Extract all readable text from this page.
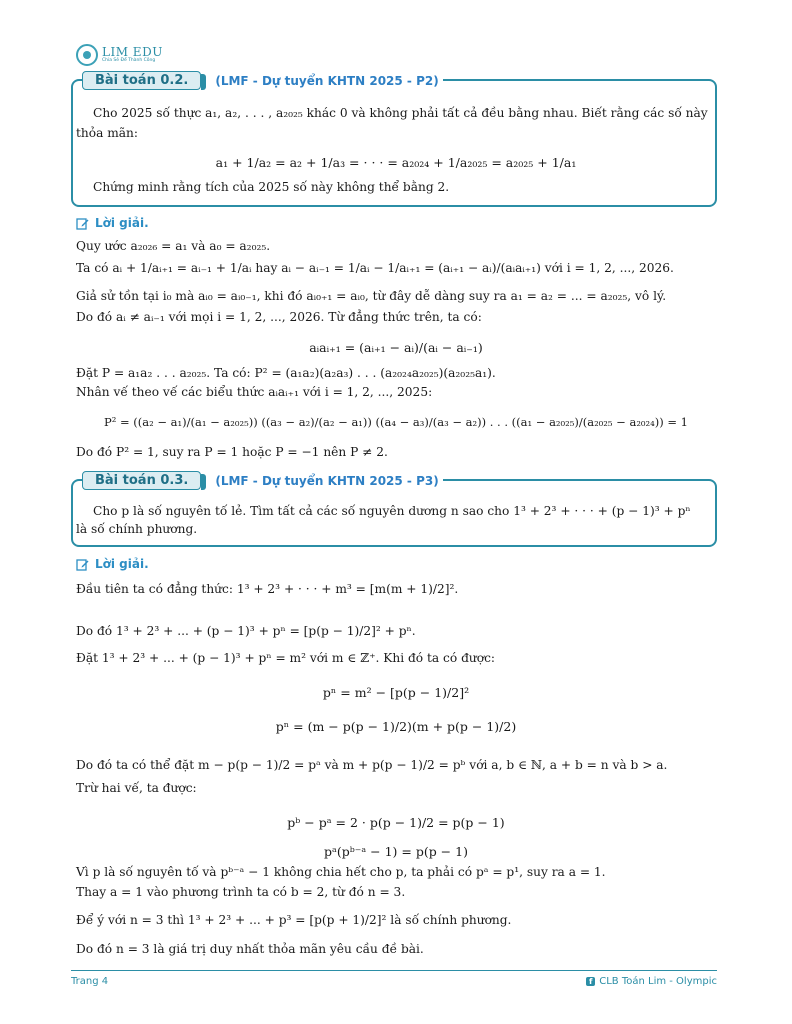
LIM EDU
Chia Sẻ Để Thành Công
Bài toán 0.2.	(LMF - Dự tuyển KHTN 2025 - P2)
Cho 2025 số thực a₁, a₂, . . . , a₂₀₂₅ khác 0 và không phải tất cả đều bằng nhau. Biết rằng các số này
thỏa mãn:
a₁ + 1/a₂ = a₂ + 1/a₃ = · · · = a₂₀₂₄ + 1/a₂₀₂₅ = a₂₀₂₅ + 1/a₁
Chứng minh rằng tích của 2025 số này không thể bằng 2.
Lời giải.
Quy ước a₂₀₂₆ = a₁ và a₀ = a₂₀₂₅.
Ta có aᵢ + 1/aᵢ₊₁ = aᵢ₋₁ + 1/aᵢ hay aᵢ − aᵢ₋₁ = 1/aᵢ − 1/aᵢ₊₁ = (aᵢ₊₁ − aᵢ)/(aᵢaᵢ₊₁) với i = 1, 2, ..., 2026.
Giả sử tồn tại i₀ mà aᵢ₀ = aᵢ₀₋₁, khi đó aᵢ₀₊₁ = aᵢ₀, từ đây dễ dàng suy ra a₁ = a₂ = ... = a₂₀₂₅, vô lý.
Do đó aᵢ ≠ aᵢ₋₁ với mọi i = 1, 2, ..., 2026. Từ đẳng thức trên, ta có:
aᵢaᵢ₊₁ = (aᵢ₊₁ − aᵢ)/(aᵢ − aᵢ₋₁)
Đặt P = a₁a₂ . . . a₂₀₂₅. Ta có: P² = (a₁a₂)(a₂a₃) . . . (a₂₀₂₄a₂₀₂₅)(a₂₀₂₅a₁).
Nhân vế theo vế các biểu thức aᵢaᵢ₊₁ với i = 1, 2, ..., 2025:
P² = ((a₂ − a₁)/(a₁ − a₂₀₂₅)) ((a₃ − a₂)/(a₂ − a₁)) ((a₄ − a₃)/(a₃ − a₂)) . . . ((a₁ − a₂₀₂₅)/(a₂₀₂₅ − a₂₀₂₄)) = 1
Do đó P² = 1, suy ra P = 1 hoặc P = −1 nên P ≠ 2.
Bài toán 0.3.	(LMF - Dự tuyển KHTN 2025 - P3)
Cho p là số nguyên tố lẻ. Tìm tất cả các số nguyên dương n sao cho 1³ + 2³ + · · · + (p − 1)³ + pⁿ
là số chính phương.
Lời giải.
Đầu tiên ta có đẳng thức: 1³ + 2³ + · · · + m³ = [m(m + 1)/2]².
Do đó 1³ + 2³ + ... + (p − 1)³ + pⁿ = [p(p − 1)/2]² + pⁿ.
Đặt 1³ + 2³ + ... + (p − 1)³ + pⁿ = m² với m ∈ ℤ⁺. Khi đó ta có được:
pⁿ = m² − [p(p − 1)/2]²
pⁿ = (m − p(p − 1)/2)(m + p(p − 1)/2)
Do đó ta có thể đặt m − p(p − 1)/2 = pᵃ và m + p(p − 1)/2 = pᵇ với a, b ∈ ℕ, a + b = n và b > a.
Trừ hai vế, ta được:
pᵇ − pᵃ = 2 · p(p − 1)/2 = p(p − 1)
pᵃ(pᵇ⁻ᵃ − 1) = p(p − 1)
Vì p là số nguyên tố và pᵇ⁻ᵃ − 1 không chia hết cho p, ta phải có pᵃ = p¹, suy ra a = 1.
Thay a = 1 vào phương trình ta có b = 2, từ đó n = 3.
Để ý với n = 3 thì 1³ + 2³ + ... + p³ = [p(p + 1)/2]² là số chính phương.
Do đó n = 3 là giá trị duy nhất thỏa mãn yêu cầu đề bài.
Trang 4	f CLB Toán Lim - Olympic
